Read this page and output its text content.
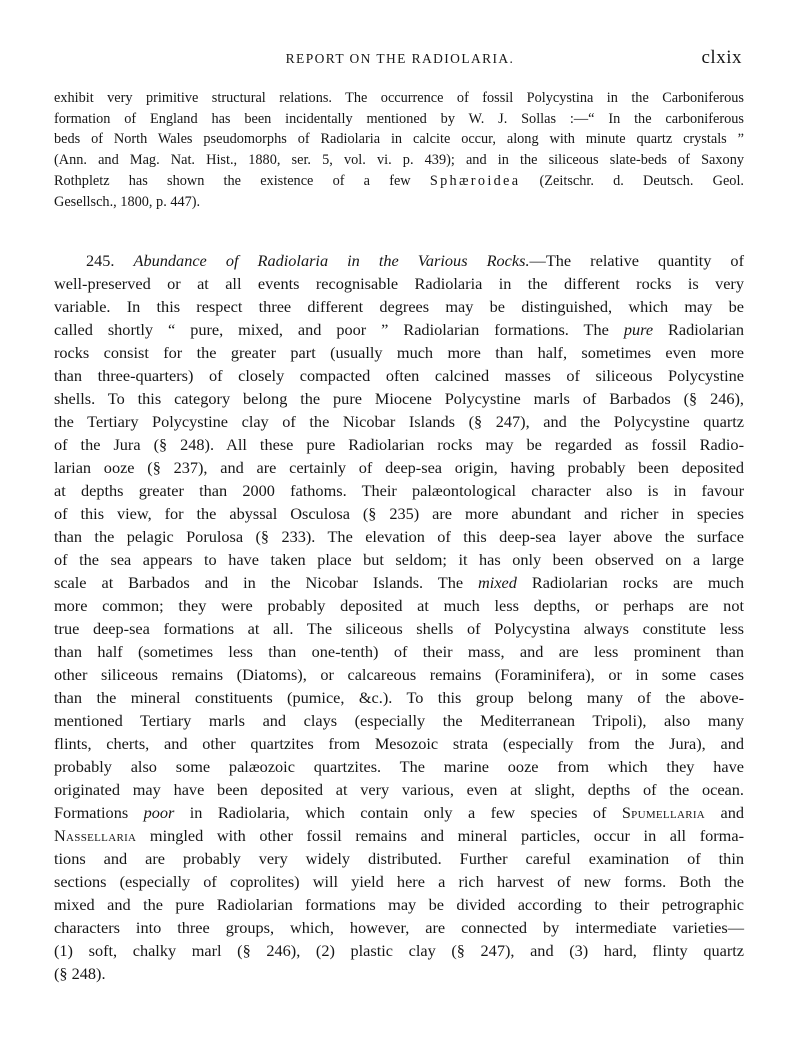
REPORT ON THE RADIOLARIA.	clxix
exhibit very primitive structural relations. The occurrence of fossil Polycystina in the Carboniferous
formation of England has been incidentally mentioned by W. J. Sollas :—“ In the carboniferous
beds of North Wales pseudomorphs of Radiolaria in calcite occur, along with minute quartz crystals ”
(Ann. and Mag. Nat. Hist., 1880, ser. 5, vol. vi. p. 439); and in the siliceous slate-beds of Saxony
Rothpletz has shown the existence of a few Sphæroidea (Zeitschr. d. Deutsch. Geol.
Gesellsch., 1800, p. 447).
245. Abundance of Radiolaria in the Various Rocks.—The relative quantity of
well-preserved or at all events recognisable Radiolaria in the different rocks is very
variable. In this respect three different degrees may be distinguished, which may be
called shortly “ pure, mixed, and poor ” Radiolarian formations. The pure Radiolarian
rocks consist for the greater part (usually much more than half, sometimes even more
than three-quarters) of closely compacted often calcined masses of siliceous Polycystine
shells. To this category belong the pure Miocene Polycystine marls of Barbados (§ 246),
the Tertiary Polycystine clay of the Nicobar Islands (§ 247), and the Polycystine quartz
of the Jura (§ 248). All these pure Radiolarian rocks may be regarded as fossil Radio-
larian ooze (§ 237), and are certainly of deep-sea origin, having probably been deposited
at depths greater than 2000 fathoms. Their palæontological character also is in favour
of this view, for the abyssal Osculosa (§ 235) are more abundant and richer in species
than the pelagic Porulosa (§ 233). The elevation of this deep-sea layer above the surface
of the sea appears to have taken place but seldom; it has only been observed on a large
scale at Barbados and in the Nicobar Islands. The mixed Radiolarian rocks are much
more common; they were probably deposited at much less depths, or perhaps are not
true deep-sea formations at all. The siliceous shells of Polycystina always constitute less
than half (sometimes less than one-tenth) of their mass, and are less prominent than
other siliceous remains (Diatoms), or calcareous remains (Foraminifera), or in some cases
than the mineral constituents (pumice, &c.). To this group belong many of the above-
mentioned Tertiary marls and clays (especially the Mediterranean Tripoli), also many
flints, cherts, and other quartzites from Mesozoic strata (especially from the Jura), and
probably also some palæozoic quartzites. The marine ooze from which they have
originated may have been deposited at very various, even at slight, depths of the ocean.
Formations poor in Radiolaria, which contain only a few species of Spumellaria and
Nassellaria mingled with other fossil remains and mineral particles, occur in all forma-
tions and are probably very widely distributed. Further careful examination of thin
sections (especially of coprolites) will yield here a rich harvest of new forms. Both the
mixed and the pure Radiolarian formations may be divided according to their petrographic
characters into three groups, which, however, are connected by intermediate varieties—
(1) soft, chalky marl (§ 246), (2) plastic clay (§ 247), and (3) hard, flinty quartz
(§ 248).
